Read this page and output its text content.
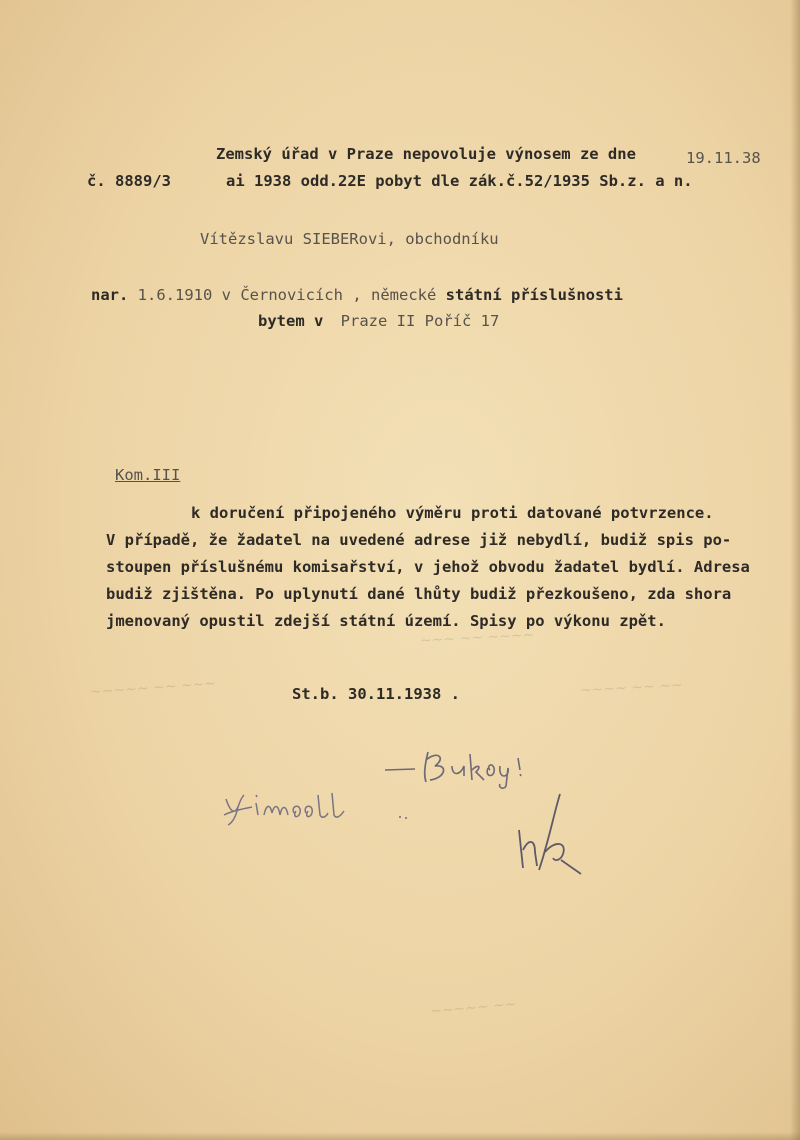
~~~ ~~ ~~~~
~~~~~ ~~ ~~~	~~~~ ~~ ~~
~~~~~ ~~
Zemský úřad v Praze nepovoluje výnosem ze dne	19.11.38
č. 8889/3	ai 1938 odd.22E pobyt dle zák.č.52/1935 Sb.z. a n.
Vítězslavu SIEBERovi, obchodníku
nar. 1.6.1910 v Černovicích , německé státní příslušnosti
bytem v Praze II Poříč 17
Kom.III
k doručení připojeného výměru proti datované potvrzence.
V případě, že žadatel na uvedené adrese již nebydlí, budiž spis po-
stoupen příslušnému komisařství, v jehož obvodu žadatel bydlí. Adresa
budiž zjištěna. Po uplynutí dané lhůty budiž přezkoušeno, zda shora
jmenovaný opustil zdejší státní území. Spisy po výkonu zpět.
St.b. 30.11.1938 .
